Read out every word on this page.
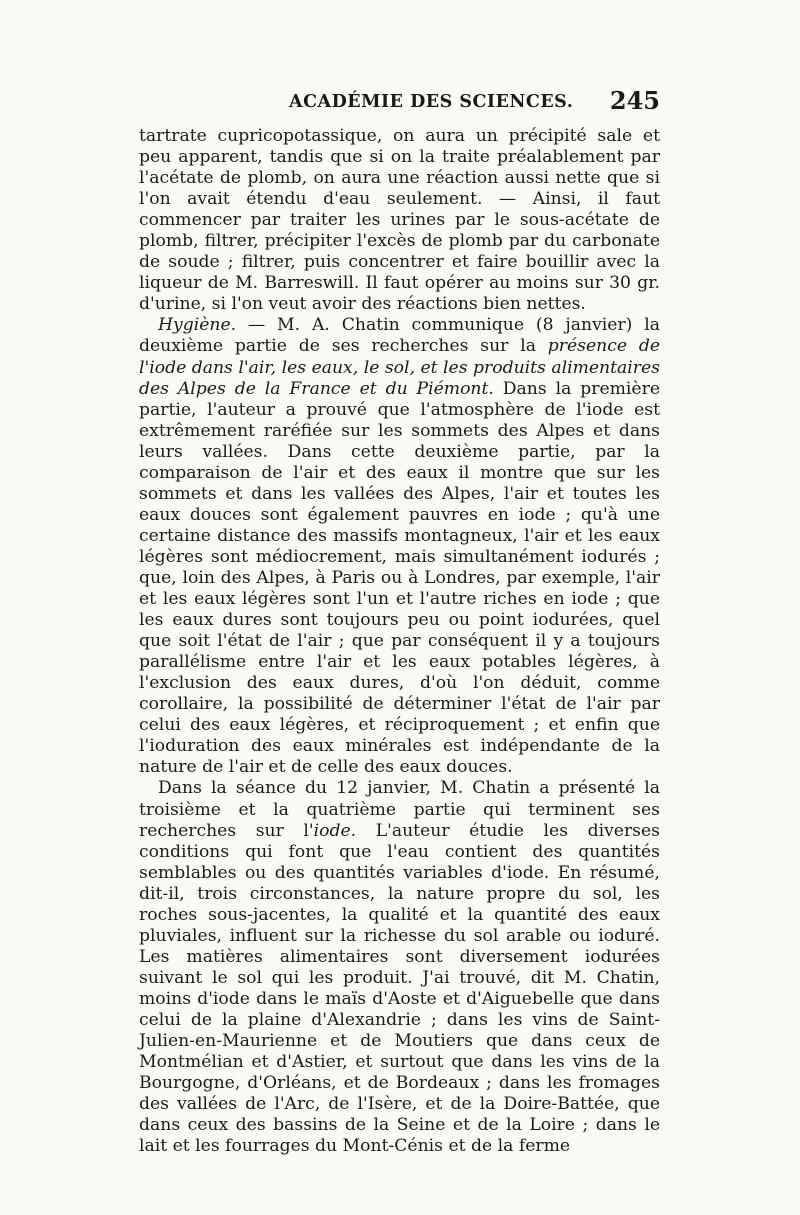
ACADÉMIE DES SCIENCES. 245

tartrate cupricopotassique, on aura un précipité sale et peu apparent, tandis que si on la traite préalablement par l'acétate de plomb, on aura une réaction aussi nette que si l'on avait étendu d'eau seulement. — Ainsi, il faut commencer par traiter les urines par le sous-acétate de plomb, filtrer, précipiter l'excès de plomb par du carbonate de soude ; filtrer, puis concentrer et faire bouillir avec la liqueur de M. Barreswill. Il faut opérer au moins sur 30 gr. d'urine, si l'on veut avoir des réactions bien nettes.

Hygiène. — M. A. Chatin communique (8 janvier) la deuxième partie de ses recherches sur la présence de l'iode dans l'air, les eaux, le sol, et les produits alimentaires des Alpes de la France et du Piémont. Dans la première partie, l'auteur a prouvé que l'atmosphère de l'iode est extrêmement raréfiée sur les sommets des Alpes et dans leurs vallées. Dans cette deuxième partie, par la comparaison de l'air et des eaux il montre que sur les sommets et dans les vallées des Alpes, l'air et toutes les eaux douces sont également pauvres en iode ; qu'à une certaine distance des massifs montagneux, l'air et les eaux légères sont médiocrement, mais simultanément iodurés ; que, loin des Alpes, à Paris ou à Londres, par exemple, l'air et les eaux légères sont l'un et l'autre riches en iode ; que les eaux dures sont toujours peu ou point iodurées, quel que soit l'état de l'air ; que par conséquent il y a toujours parallélisme entre l'air et les eaux potables légères, à l'exclusion des eaux dures, d'où l'on déduit, comme corollaire, la possibilité de déterminer l'état de l'air par celui des eaux légères, et réciproquement ; et enfin que l'ioduration des eaux minérales est indépendante de la nature de l'air et de celle des eaux douces.

Dans la séance du 12 janvier, M. Chatin a présenté la troisième et la quatrième partie qui terminent ses recherches sur l'iode. L'auteur étudie les diverses conditions qui font que l'eau contient des quantités semblables ou des quantités variables d'iode. En résumé, dit-il, trois circonstances, la nature propre du sol, les roches sous-jacentes, la qualité et la quantité des eaux pluviales, influent sur la richesse du sol arable ou ioduré. Les matières alimentaires sont diversement iodurées suivant le sol qui les produit. J'ai trouvé, dit M. Chatin, moins d'iode dans le maïs d'Aoste et d'Aiguebelle que dans celui de la plaine d'Alexandrie ; dans les vins de Saint-Julien-en-Maurienne et de Moutiers que dans ceux de Montmélian et d'Astier, et surtout que dans les vins de la Bourgogne, d'Orléans, et de Bordeaux ; dans les fromages des vallées de l'Arc, de l'Isère, et de la Doire-Battée, que dans ceux des bassins de la Seine et de la Loire ; dans le lait et les fourrages du Mont-Cénis et de la ferme
